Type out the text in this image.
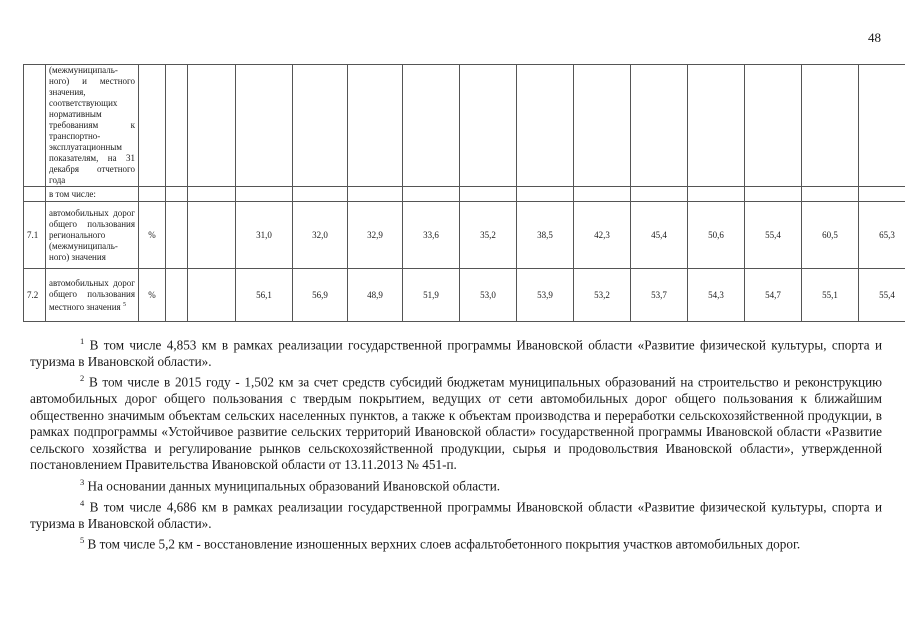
48
	(межмуниципаль-ного) и местного значения, соответствующих нормативным требованиям к транспортно-эксплуатационным показателям, на 31 декабря отчетного года															
	в том числе:															
7.1	автомобильных дорог общего пользования регионального (межмуниципаль-ного) значения	%			31,0	32,0	32,9	33,6	35,2	38,5	42,3	45,4	50,6	55,4	60,5	65,3
7.2	автомобильных дорог общего пользования местного значения $^5$	%			56,1	56,9	48,9	51,9	53,0	53,9	53,2	53,7	54,3	54,7	55,1	55,4

$^1$ В том числе 4,853 км в рамках реализации государственной программы Ивановской области «Развитие физической культуры, спорта и туризма в Ивановской области».

$^2$ В том числе в 2015 году - 1,502 км за счет средств субсидий бюджетам муниципальных образований на строительство и реконструкцию автомобильных дорог общего пользования с твердым покрытием, ведущих от сети автомобильных дорог общего пользования к ближайшим общественно значимым объектам сельских населенных пунктов, а также к объектам производства и переработки сельскохозяйственной продукции, в рамках подпрограммы «Устойчивое развитие сельских территорий Ивановской области» государственной программы Ивановской области «Развитие сельского хозяйства и регулирование рынков сельскохозяйственной продукции, сырья и продовольствия Ивановской области», утвержденной постановлением Правительства Ивановской области от 13.11.2013 № 451-п.

$^3$ На основании данных муниципальных образований Ивановской области.

$^4$ В том числе 4,686 км в рамках реализации государственной программы Ивановской области «Развитие физической культуры, спорта и туризма в Ивановской области».

$^5$ В том числе 5,2 км - восстановление изношенных верхних слоев асфальтобетонного покрытия участков автомобильных дорог.
